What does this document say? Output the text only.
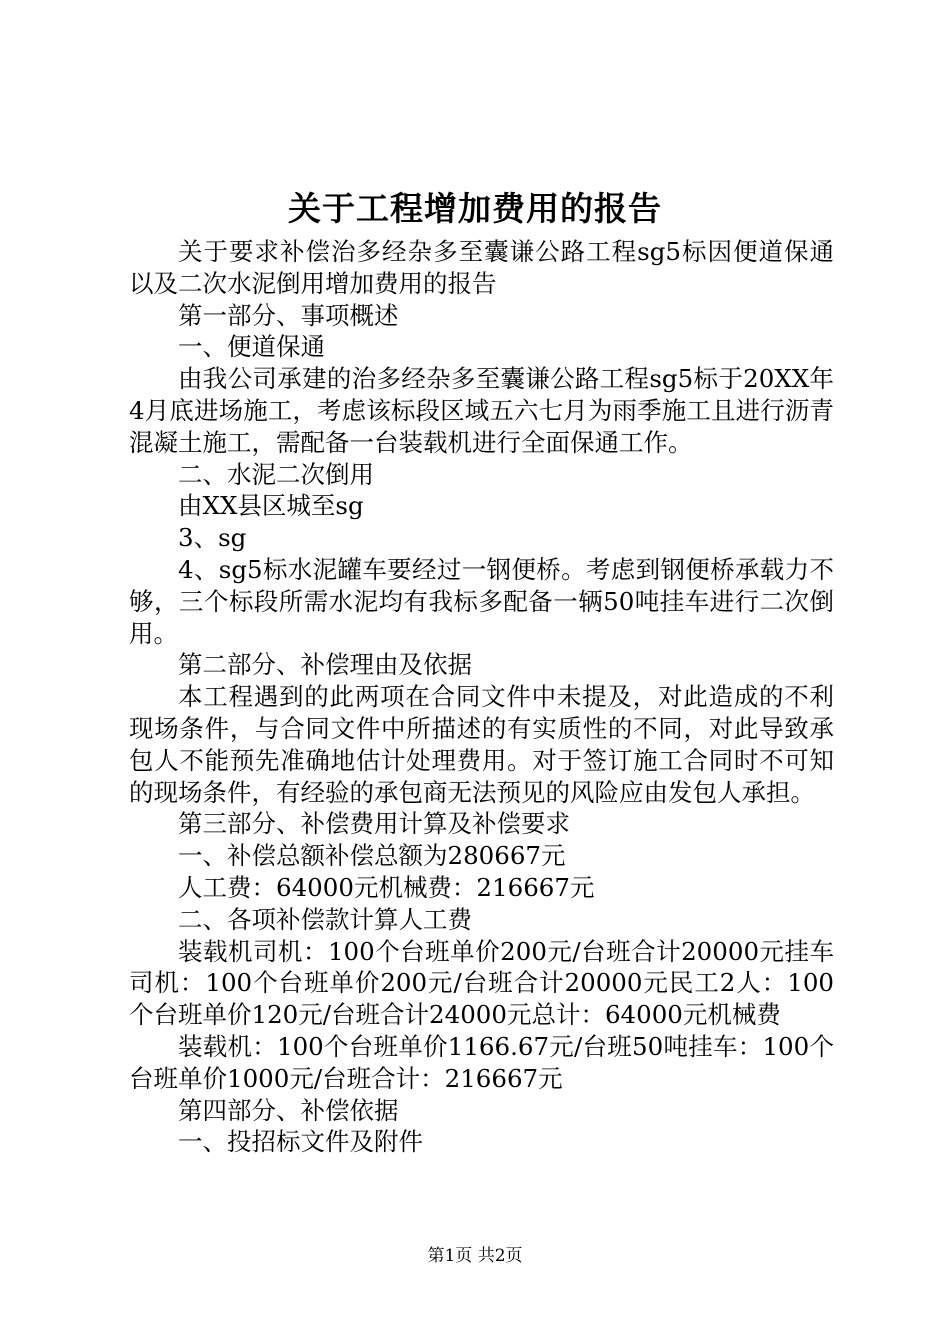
关于工程增加费用的报告

关于要求补偿治多经杂多至囊谦公路工程sg5标因便道保通以及二次水泥倒用增加费用的报告

第一部分、事项概述

一、便道保通

由我公司承建的治多经杂多至囊谦公路工程sg5标于20XX年4月底进场施工，考虑该标段区域五六七月为雨季施工且进行沥青混凝土施工，需配备一台装载机进行全面保通工作。

二、水泥二次倒用

由XX县区城至sg

3、sg

4、sg5标水泥罐车要经过一钢便桥。考虑到钢便桥承载力不够，三个标段所需水泥均有我标多配备一辆50吨挂车进行二次倒用。

第二部分、补偿理由及依据

本工程遇到的此两项在合同文件中未提及，对此造成的不利现场条件，与合同文件中所描述的有实质性的不同，对此导致承包人不能预先准确地估计处理费用。对于签订施工合同时不可知的现场条件，有经验的承包商无法预见的风险应由发包人承担。

第三部分、补偿费用计算及补偿要求

一、补偿总额补偿总额为280667元

人工费：64000元机械费：216667元

二、各项补偿款计算人工费

装载机司机：100个台班单价200元/台班合计20000元挂车司机：100个台班单价200元/台班合计20000元民工2人：100个台班单价120元/台班合计24000元总计：64000元机械费

装载机：100个台班单价1166.67元/台班50吨挂车：100个台班单价1000元/台班合计：216667元

第四部分、补偿依据

一、投招标文件及附件

第1页 共2页
